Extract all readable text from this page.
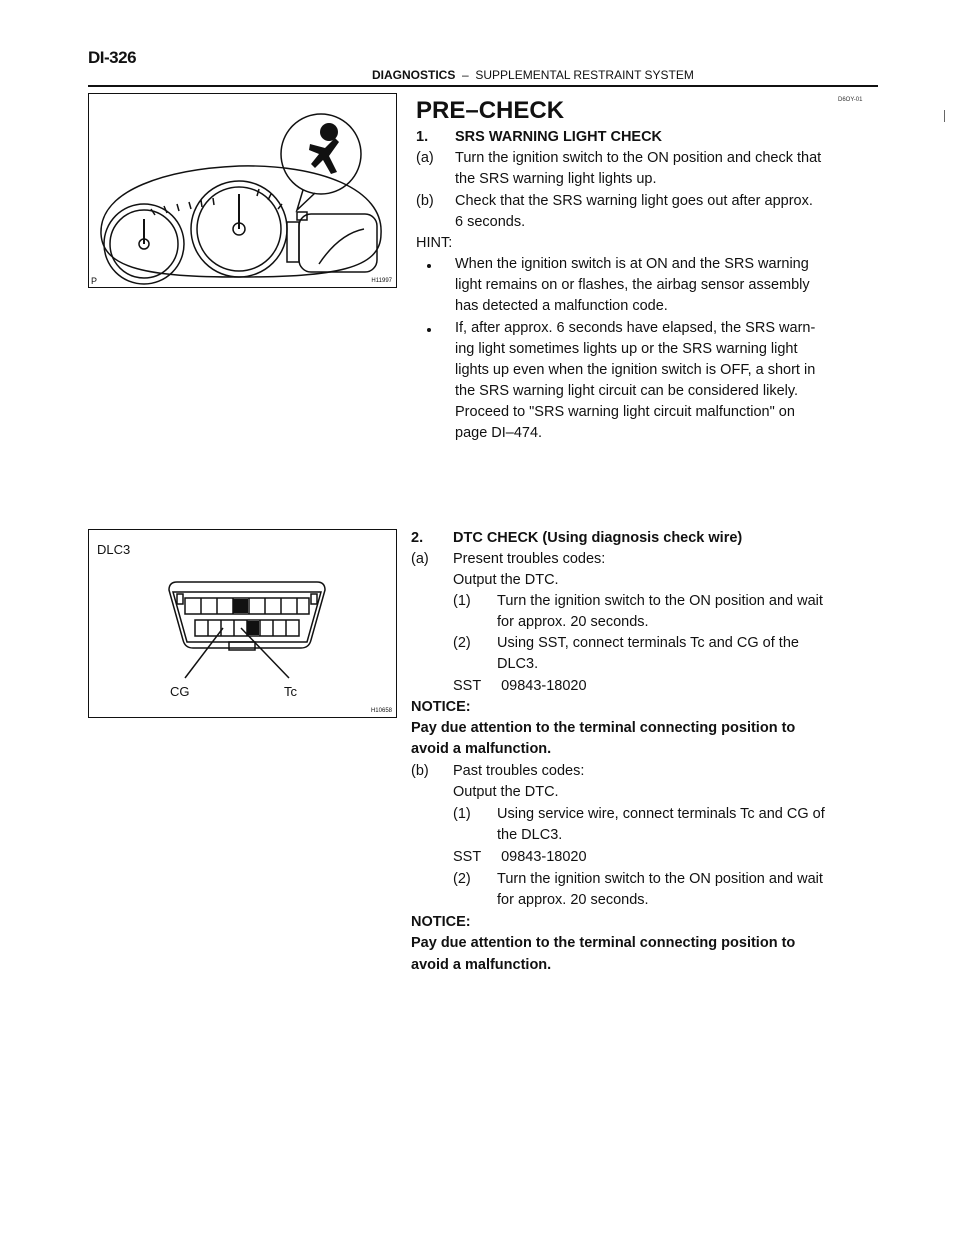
DI-326
DIAGNOSTICS – SUPPLEMENTAL RESTRAINT SYSTEM
D6OY-01
P	H11997
DLC3
CG	Tc
H10658
PRE–CHECK
1. SRS WARNING LIGHT CHECK
(a) Turn the ignition switch to the ON position and check that
the SRS warning light lights up.
(b) Check that the SRS warning light goes out after approx.
6 seconds.
HINT:
When the ignition switch is at ON and the SRS warning
light remains on or flashes, the airbag sensor assembly
has detected a malfunction code.
If, after approx. 6 seconds have elapsed, the SRS warn-
ing light sometimes lights up or the SRS warning light
lights up even when the ignition switch is OFF, a short in
the SRS warning light circuit can be considered likely.
Proceed to "SRS warning light circuit malfunction" on
page DI–474.
2. DTC CHECK (Using diagnosis check wire)
(a) Present troubles codes:
Output the DTC.
(1) Turn the ignition switch to the ON position and wait
for approx. 20 seconds.
(2) Using SST, connect terminals Tc and CG of the
DLC3.
SST     09843-18020
NOTICE:
Pay due attention to the terminal connecting position to
avoid a malfunction.
(b) Past troubles codes:
Output the DTC.
(1) Using service wire, connect terminals Tc and CG of
the DLC3.
SST     09843-18020
(2) Turn the ignition switch to the ON position and wait
for approx. 20 seconds.
NOTICE:
Pay due attention to the terminal connecting position to
avoid a malfunction.
